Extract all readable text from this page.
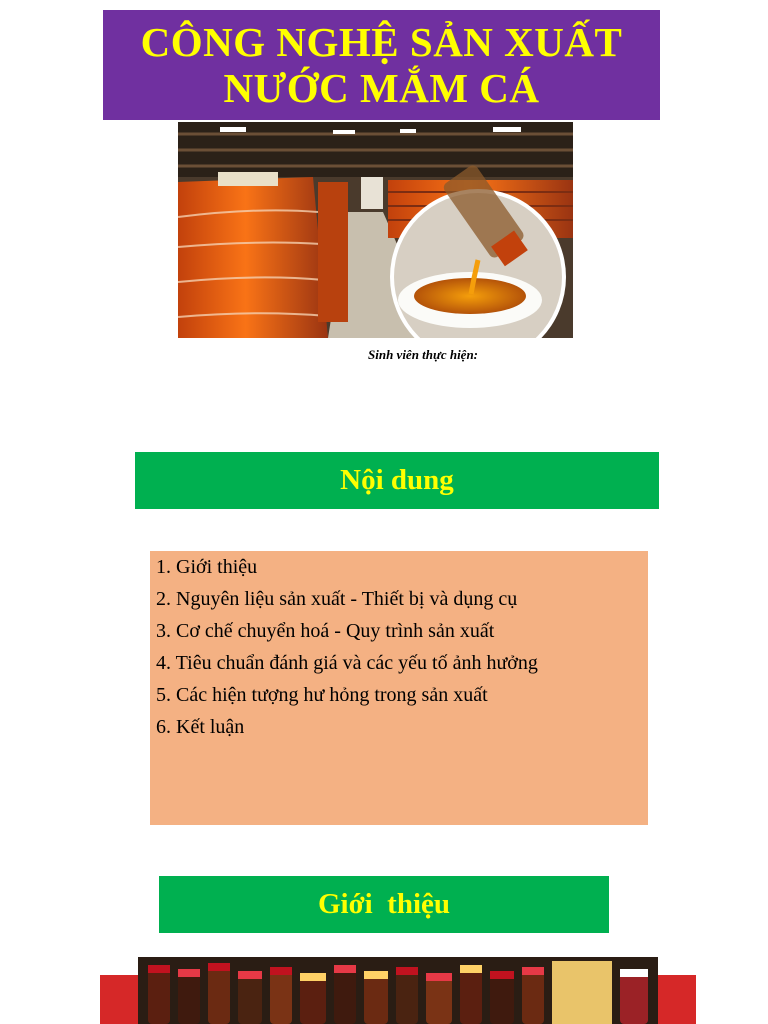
CÔNG NGHỆ SẢN XUẤT
NƯỚC MẮM CÁ
Sinh viên thực hiện:
Nội dung
1. Giới thiệu
2. Nguyên liệu sản xuất - Thiết bị và dụng cụ
3. Cơ chế chuyển hoá - Quy trình sản xuất
4. Tiêu chuẩn đánh giá và các yếu tố ảnh hưởng
5. Các hiện tượng hư hỏng trong sản xuất
6. Kết luận
Giới  thiệu
